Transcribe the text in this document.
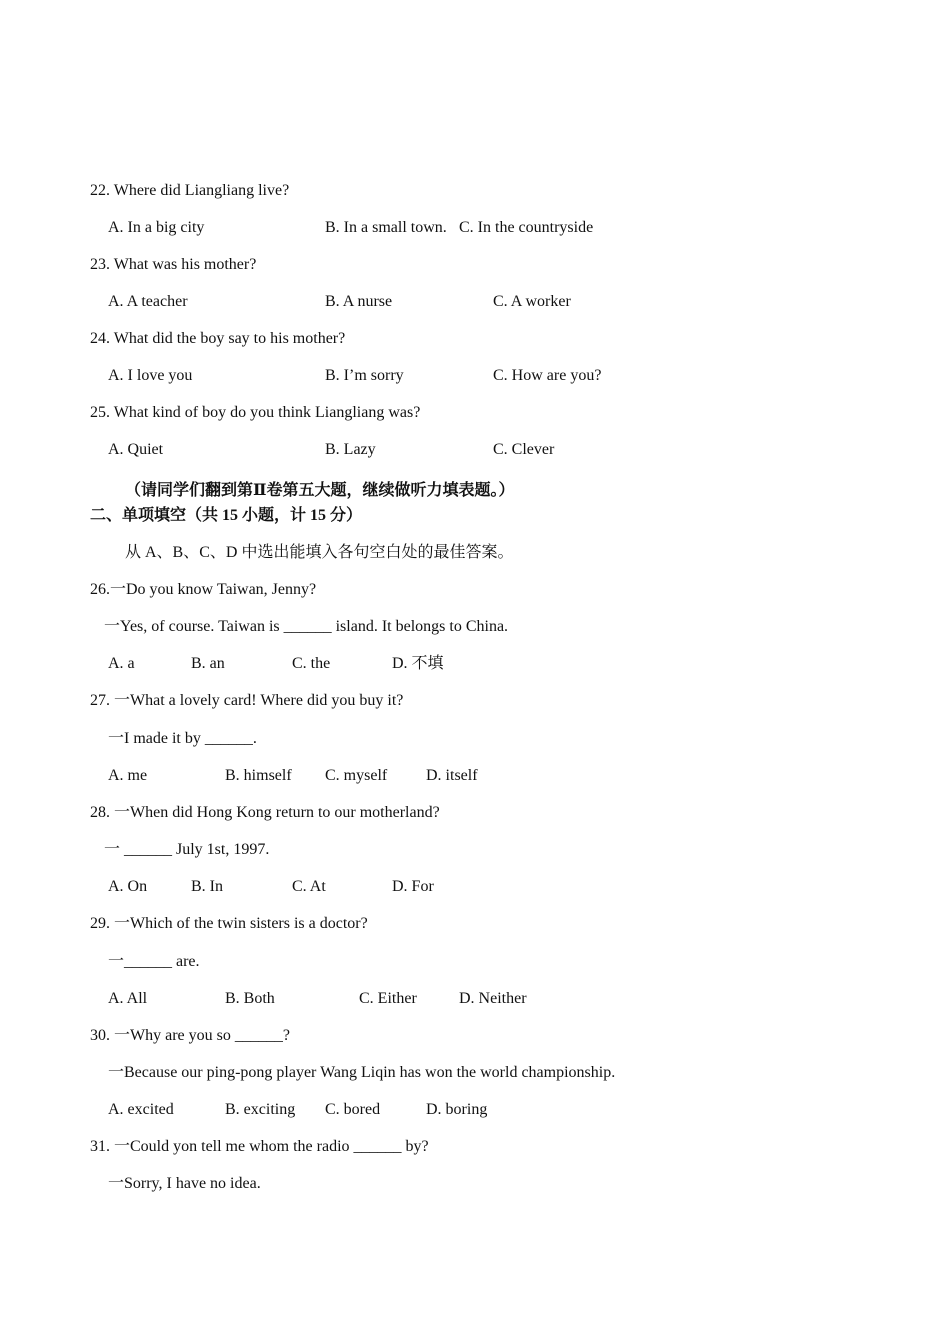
22. Where did Liangliang live?
A. In a big city	B. In a small town. C. In the countryside
23. What was his mother?
A. A teacher	B. A nurse	C. A worker
24. What did the boy say to his mother?
A. I love you	B. I’m sorry	C. How are you?
25. What kind of boy do you think Liangliang was?
A. Quiet	B. Lazy	C. Clever
（请同学们翻到第Ⅱ卷第五大题，继续做听力填表题。）
二、单项填空（共 15 小题，计 15 分）
从 A、B、C、D 中选出能填入各句空白处的最佳答案。
26.一Do you know Taiwan, Jenny?
一Yes, of course. Taiwan is ______ island. It belongs to China.
A. a	B. an	C. the	D. 不填
27. 一What a lovely card! Where did you buy it?
一I made it by ______.
A. me	B. himself C. myself D. itself
28. 一When did Hong Kong return to our motherland?
一 ______ July 1st, 1997.
A. On	B. In	C. At	D. For
29. 一Which of the twin sisters is a doctor?
一______ are.
A. All	B. Both	C. Either	D. Neither
30. 一Why are you so ______?
一Because our ping-pong player Wang Liqin has won the world championship.
A. excited	B. exciting C. bored	D. boring
31. 一Could yon tell me whom the radio ______ by?
一Sorry, I have no idea.
